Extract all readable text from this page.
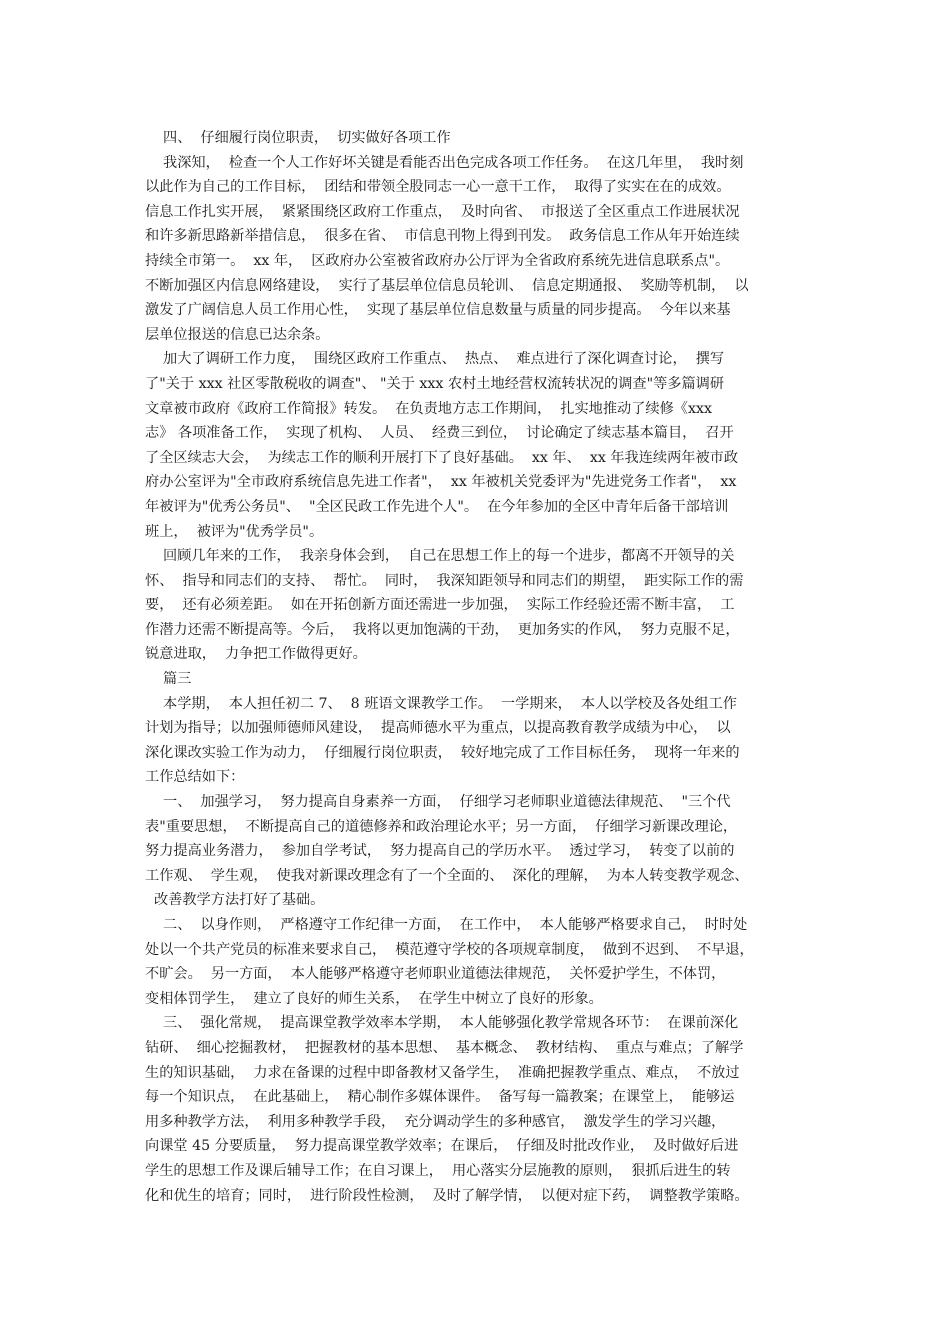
四、  仔细履行岗位职责，  切实做好各项工作
我深知，  检查一个人工作好坏关键是看能否出色完成各项工作任务。  在这几年里，  我时刻
以此作为自己的工作目标，  团结和带领全股同志一心一意干工作，  取得了实实在在的成效。
信息工作扎实开展，  紧紧围绕区政府工作重点，  及时向省、  市报送了全区重点工作进展状况
和许多新思路新举措信息，  很多在省、  市信息刊物上得到刊发。  政务信息工作从年开始连续
持续全市第一。  xx 年，  区政府办公室被省政府办公厅评为全省政府系统先进信息联系点"。
不断加强区内信息网络建设，  实行了基层单位信息员轮训、  信息定期通报、  奖励等机制，  以
激发了广阔信息人员工作用心性，  实现了基层单位信息数量与质量的同步提高。  今年以来基
层单位报送的信息已达余条。
加大了调研工作力度，  围绕区政府工作重点、  热点、  难点进行了深化调查讨论，  撰写
了"关于 xxx 社区零散税收的调查"、 "关于 xxx 农村土地经营权流转状况的调查"等多篇调研
文章被市政府《政府工作简报》转发。  在负责地方志工作期间，  扎实地推动了续修《xxx
志》 各项准备工作，  实现了机构、  人员、  经费三到位，  讨论确定了续志基本篇目，  召开
了全区续志大会，  为续志工作的顺利开展打下了良好基础。  xx 年、  xx 年我连续两年被市政
府办公室评为"全市政府系统信息先进工作者"，  xx 年被机关党委评为"先进党务工作者"，  xx
年被评为"优秀公务员"、  "全区民政工作先进个人"。  在今年参加的全区中青年后备干部培训
班上，  被评为"优秀学员"。
回顾几年来的工作，  我亲身体会到，  自己在思想工作上的每一个进步，都离不开领导的关
怀、  指导和同志们的支持、  帮忙。  同时，  我深知距领导和同志们的期望，  距实际工作的需
要，  还有必须差距。  如在开拓创新方面还需进一步加强，  实际工作经验还需不断丰富，  工
作潜力还需不断提高等。今后，  我将以更加饱满的干劲，  更加务实的作风，  努力克服不足，
锐意进取，  力争把工作做得更好。
篇三
本学期，  本人担任初二 7、  8 班语文课教学工作。  一学期来，  本人以学校及各处组工作
计划为指导；以加强师德师风建设，  提高师德水平为重点，以提高教育教学成绩为中心，  以
深化课改实验工作为动力，  仔细履行岗位职责，  较好地完成了工作目标任务，  现将一年来的
工作总结如下：
一、  加强学习，  努力提高自身素养一方面，  仔细学习老师职业道德法律规范、  "三个代
表"重要思想，  不断提高自己的道德修养和政治理论水平；另一方面，  仔细学习新课改理论，
努力提高业务潜力，  参加自学考试，  努力提高自己的学历水平。  透过学习，  转变了以前的
工作观、  学生观，  使我对新课改理念有了一个全面的、  深化的理解，  为本人转变教学观念、
改善教学方法打好了基础。
二、  以身作则，  严格遵守工作纪律一方面，  在工作中，  本人能够严格要求自己，  时时处
处以一个共产党员的标准来要求自己，  模范遵守学校的各项规章制度，  做到不迟到、  不早退，
不旷会。  另一方面，  本人能够严格遵守老师职业道德法律规范，  关怀爱护学生，不体罚，
变相体罚学生，  建立了良好的师生关系，  在学生中树立了良好的形象。
三、  强化常规，  提高课堂教学效率本学期，  本人能够强化教学常规各环节：  在课前深化
钻研、  细心挖掘教材，  把握教材的基本思想、  基本概念、  教材结构、  重点与难点；了解学
生的知识基础，  力求在备课的过程中即备教材又备学生，  准确把握教学重点、难点，  不放过
每一个知识点，  在此基础上，  精心制作多媒体课件。  备写每一篇教案；在课堂上，  能够运
用多种教学方法，  利用多种教学手段，  充分调动学生的多种感官，  激发学生的学习兴趣，
向课堂 45 分要质量，  努力提高课堂教学效率；在课后，  仔细及时批改作业，  及时做好后进
学生的思想工作及课后辅导工作；在自习课上，  用心落实分层施教的原则，  狠抓后进生的转
化和优生的培育；同时，  进行阶段性检测，  及时了解学情，  以便对症下药，  调整教学策略。
